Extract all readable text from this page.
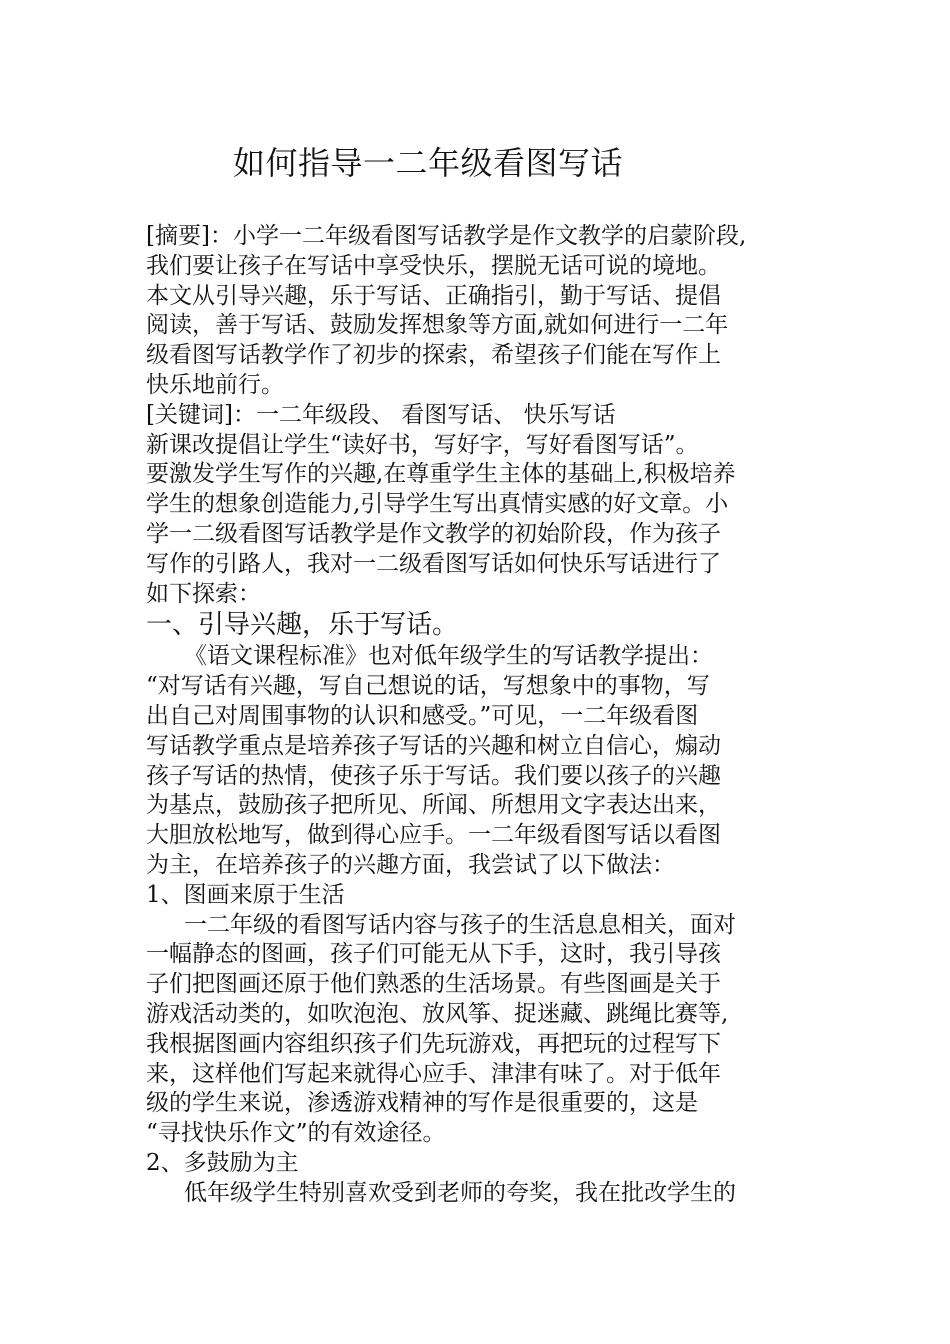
如何指导一二年级看图写话
[摘要]：小学一二年级看图写话教学是作文教学的启蒙阶段,
我们要让孩子在写话中享受快乐，摆脱无话可说的境地。
本文从引导兴趣，乐于写话、正确指引，勤于写话、提倡
阅读，善于写话、鼓励发挥想象等方面,就如何进行一二年
级看图写话教学作了初步的探索，希望孩子们能在写作上
快乐地前行。
[关键词]：一二年级段、 看图写话、 快乐写话
新课改提倡让学生“读好书，写好字，写好看图写话”。
要激发学生写作的兴趣,在尊重学生主体的基础上,积极培养
学生的想象创造能力,引导学生写出真情实感的好文章。小
学一二级看图写话教学是作文教学的初始阶段，作为孩子
写作的引路人，我对一二级看图写话如何快乐写话进行了
如下探索：
一、引导兴趣，乐于写话。
《语文课程标准》也对低年级学生的写话教学提出：
“对写话有兴趣，写自己想说的话，写想象中的事物，写
出自己对周围事物的认识和感受。”可见，一二年级看图
写话教学重点是培养孩子写话的兴趣和树立自信心，煽动
孩子写话的热情，使孩子乐于写话。我们要以孩子的兴趣
为基点，鼓励孩子把所见、所闻、所想用文字表达出来，
大胆放松地写，做到得心应手。一二年级看图写话以看图
为主，在培养孩子的兴趣方面，我尝试了以下做法：
1、图画来原于生活
一二年级的看图写话内容与孩子的生活息息相关，面对
一幅静态的图画，孩子们可能无从下手，这时，我引导孩
子们把图画还原于他们熟悉的生活场景。有些图画是关于
游戏活动类的，如吹泡泡、放风筝、捉迷藏、跳绳比赛等,
我根据图画内容组织孩子们先玩游戏，再把玩的过程写下
来，这样他们写起来就得心应手、津津有味了。对于低年
级的学生来说，渗透游戏精神的写作是很重要的，这是
“寻找快乐作文”的有效途径。
2、多鼓励为主
低年级学生特别喜欢受到老师的夸奖，我在批改学生的
